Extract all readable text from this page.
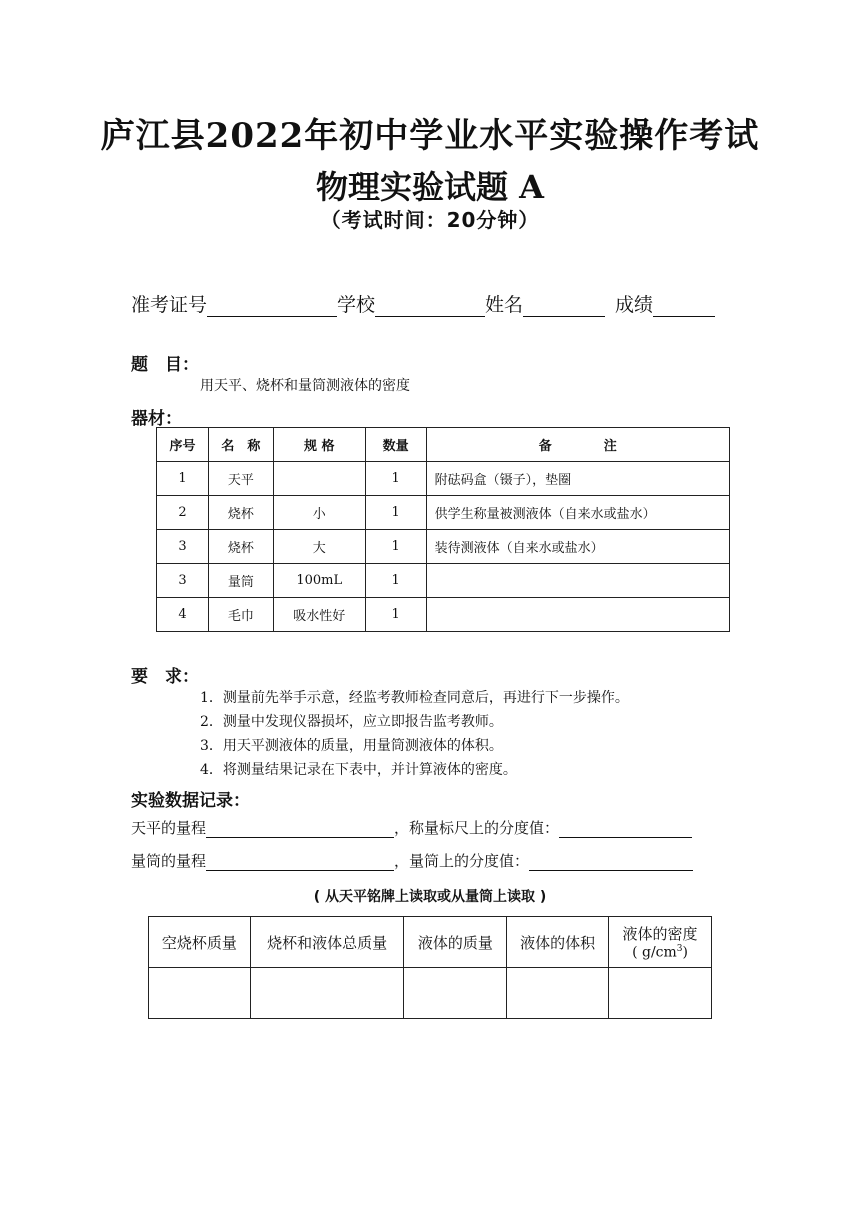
庐江县2022年初中学业水平实验操作考试
物理实验试题 A
（考试时间：20分钟）
准考证号	学校	姓名	成绩
题　目：
用天平、烧杯和量筒测液体的密度
器材：
序号	名　称	规 格	数量	备　　　　注
1	天平		1	附砝码盒（镊子），垫圈
2	烧杯	小	1	供学生称量被测液体（自来水或盐水）
3	烧杯	大	1	装待测液体（自来水或盐水）
3	量筒	100mL	1	
4	毛巾	吸水性好	1	
要　求：
1．测量前先举手示意，经监考教师检查同意后，再进行下一步操作。
2．测量中发现仪器损坏，应立即报告监考教师。
3．用天平测液体的质量，用量筒测液体的体积。
4．将测量结果记录在下表中，并计算液体的密度。
实验数据记录：
天平的量程	，称量标尺上的分度值：
量筒的量程	，量筒上的分度值：
( 从天平铭牌上读取或从量筒上读取 )
空烧杯质量	烧杯和液体总质量	液体的质量	液体的体积	液体的密度
( $g/cm^3$)
